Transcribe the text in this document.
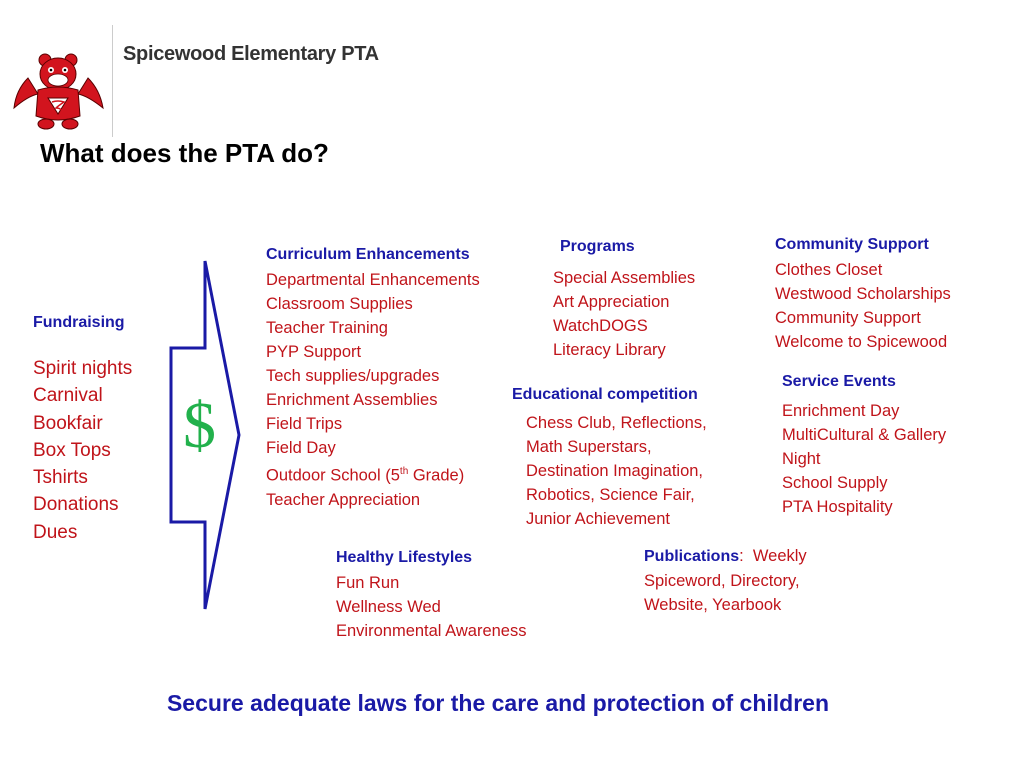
Spicewood Elementary PTA
What does the PTA do?
Fundraising
Spirit nights
Carnival
Bookfair
Box Tops
Tshirts
Donations
Dues
$
Curriculum Enhancements
Departmental Enhancements
Classroom Supplies
Teacher Training
PYP Support
Tech supplies/upgrades
Enrichment Assemblies
Field Trips
Field Day
Outdoor School (5th Grade)
Teacher Appreciation
Programs
Special Assemblies
Art Appreciation
WatchDOGS
Literacy Library
Community Support
Clothes Closet
Westwood Scholarships
Community Support
Welcome to Spicewood
Educational competition
Chess Club, Reflections,
Math Superstars,
Destination Imagination,
Robotics, Science Fair,
Junior Achievement
Service Events
Enrichment Day
MultiCultural & Gallery
Night
School Supply
PTA Hospitality
Healthy Lifestyles
Fun Run
Wellness Wed
Environmental Awareness
Publications:  Weekly
Spiceword, Directory,
Website, Yearbook
Secure adequate laws for the care and protection of children
